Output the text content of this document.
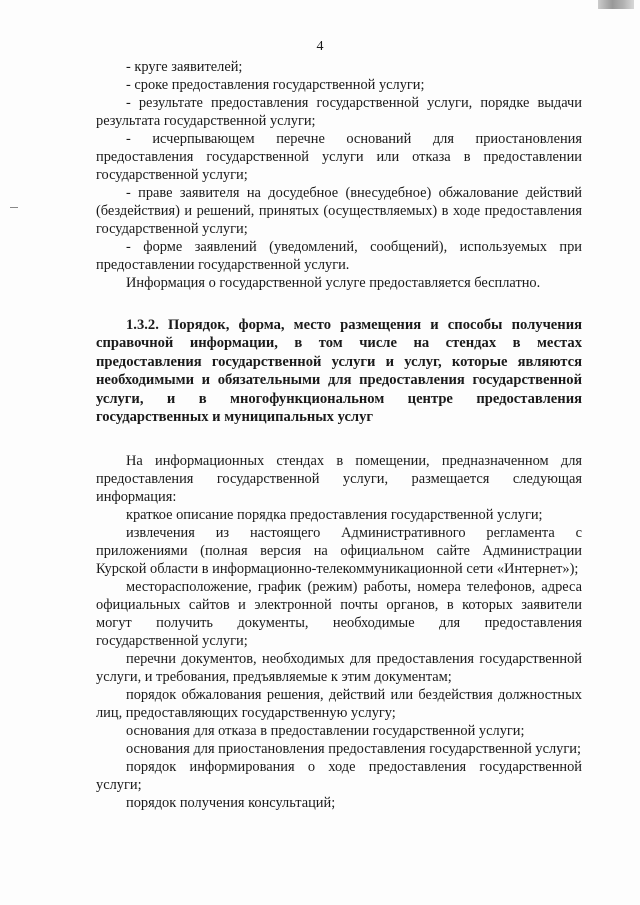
4

- круге заявителей;

- сроке предоставления государственной услуги;

- результате предоставления государственной услуги, порядке выдачи результата государственной услуги;

- исчерпывающем перечне оснований для приостановления предоставления государственной услуги или отказа в предоставлении государственной услуги;

- праве заявителя на досудебное (внесудебное) обжалование действий (бездействия) и решений, принятых (осуществляемых) в ходе предоставления государственной услуги;

- форме заявлений (уведомлений, сообщений), используемых при предоставлении государственной услуги.

Информация о государственной услуге предоставляется бесплатно.

1.3.2. Порядок, форма, место размещения и способы получения справочной информации, в том числе на стендах в местах предоставления государственной услуги и услуг, которые являются необходимыми и обязательными для предоставления государственной услуги, и в многофункциональном центре предоставления государственных и муниципальных услуг

На информационных стендах в помещении, предназначенном для предоставления государственной услуги, размещается следующая информация:

краткое описание порядка предоставления государственной услуги;

извлечения из настоящего Административного регламента с приложениями (полная версия на официальном сайте Администрации Курской области в информационно-телекоммуникационной сети «Интернет»);

месторасположение, график (режим) работы, номера телефонов, адреса официальных сайтов и электронной почты органов, в которых заявители могут получить документы, необходимые для предоставления государственной услуги;

перечни документов, необходимых для предоставления государственной услуги, и требования, предъявляемые к этим документам;

порядок обжалования решения, действий или бездействия должностных лиц, предоставляющих государственную услугу;

основания для отказа в предоставлении государственной услуги;

основания для приостановления предоставления государственной услуги;

порядок информирования о ходе предоставления государственной услуги;

порядок получения консультаций;
